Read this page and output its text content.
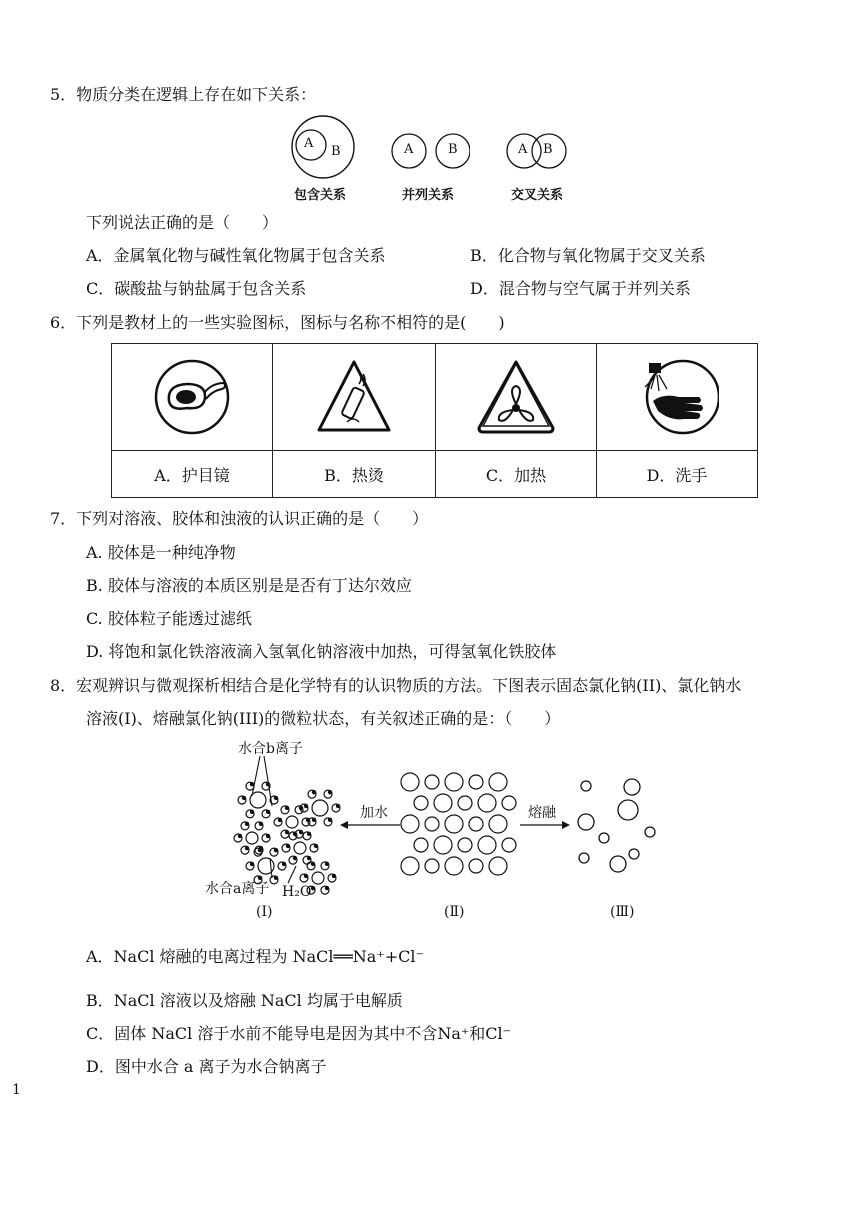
5．物质分类在逻辑上存在如下关系：
A
B	A	B	A B
包含关系	并列关系	交叉关系
下列说法正确的是（　　）
A．金属氧化物与碱性氧化物属于包含关系	B．化合物与氧化物属于交叉关系
C．碳酸盐与钠盐属于包含关系	D．混合物与空气属于并列关系
6．下列是教材上的一些实验图标，图标与名称不相符的是(　　)

A．护目镜	B．热烫	C．加热	D．洗手
7．下列对溶液、胶体和浊液的认识正确的是（　　）
A. 胶体是一种纯净物
B. 胶体与溶液的本质区别是是否有丁达尔效应
C. 胶体粒子能透过滤纸
D. 将饱和氯化铁溶液滴入氢氧化钠溶液中加热，可得氢氧化铁胶体
8．宏观辨识与微观探析相结合是化学特有的认识物质的方法。下图表示固态氯化钠(II)、氯化钠水
溶液(I)、熔融氯化钠(III)的微粒状态，有关叙述正确的是：（　　）
水合b离子
水合a离子 H₂O
加水	熔融
(Ⅰ)	(Ⅱ)	(Ⅲ)
A．NaCl 熔融的电离过程为 NaCl══Na⁺+Cl⁻
B．NaCl 溶液以及熔融 NaCl 均属于电解质
C．固体 NaCl 溶于水前不能导电是因为其中不含Na⁺和Cl⁻
D．图中水合 a 离子为水合钠离子
1
